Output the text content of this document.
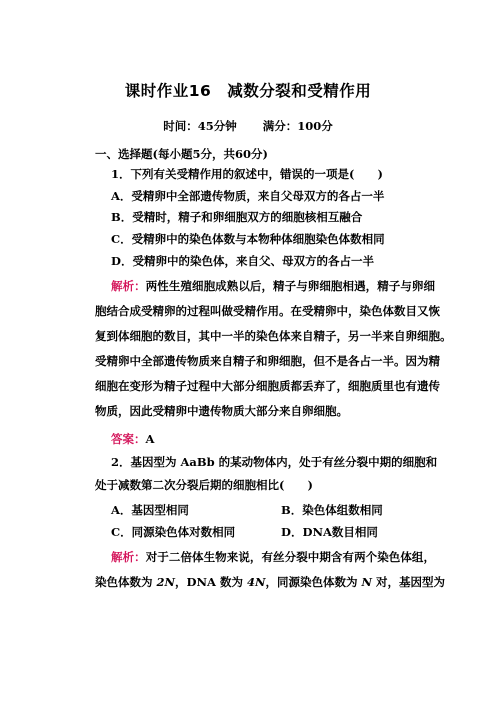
课时作业16 减数分裂和受精作用
时间：45分钟 满分：100分
一、选择题(每小题5分，共60分)
1．下列有关受精作用的叙述中，错误的一项是(　　)
A．受精卵中全部遗传物质，来自父母双方的各占一半
B．受精时，精子和卵细胞双方的细胞核相互融合
C．受精卵中的染色体数与本物种体细胞染色体数相同
D．受精卵中的染色体，来自父、母双方的各占一半
解析：两性生殖细胞成熟以后，精子与卵细胞相遇，精子与卵细
胞结合成受精卵的过程叫做受精作用。在受精卵中，染色体数目又恢
复到体细胞的数目，其中一半的染色体来自精子，另一半来自卵细胞。
受精卵中全部遗传物质来自精子和卵细胞，但不是各占一半。因为精
细胞在变形为精子过程中大部分细胞质都丢弃了，细胞质里也有遗传
物质，因此受精卵中遗传物质大部分来自卵细胞。
答案：A
2．基因型为 AaBb 的某动物体内，处于有丝分裂中期的细胞和
处于减数第二次分裂后期的细胞相比(　　)
A．基因型相同	B．染色体组数相同
C．同源染色体对数相同	D．DNA数目相同
解析：对于二倍体生物来说，有丝分裂中期含有两个染色体组，
染色体数为 2N，DNA 数为 4N，同源染色体数为 N 对，基因型为
